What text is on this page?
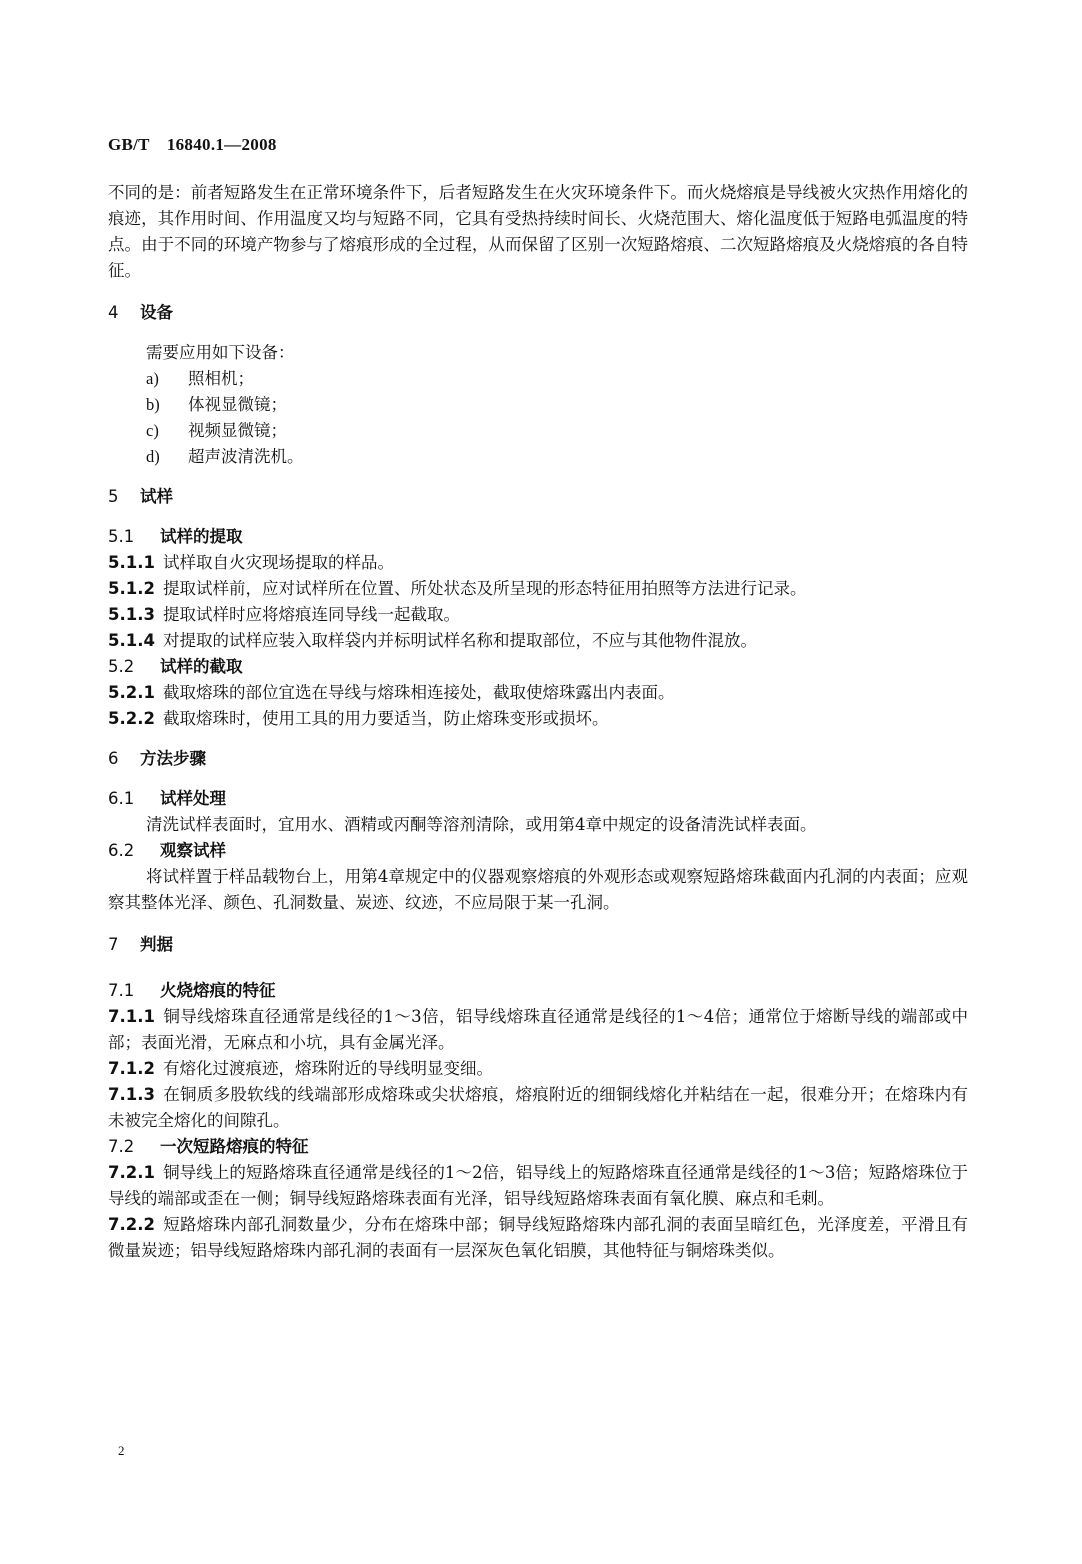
GB/T　16840.1—2008

不同的是：前者短路发生在正常环境条件下，后者短路发生在火灾环境条件下。而火烧熔痕是导线被火灾热作用熔化的痕迹，其作用时间、作用温度又均与短路不同，它具有受热持续时间长、火烧范围大、熔化温度低于短路电弧温度的特点。由于不同的环境产物参与了熔痕形成的全过程，从而保留了区别一次短路熔痕、二次短路熔痕及火烧熔痕的各自特征。

4 设备

需要应用如下设备：

a) 照相机；
b) 体视显微镜；
c) 视频显微镜；
d) 超声波清洗机。
5 试样
5.1 试样的提取

5.1.1 试样取自火灾现场提取的样品。

5.1.2 提取试样前，应对试样所在位置、所处状态及所呈现的形态特征用拍照等方法进行记录。

5.1.3 提取试样时应将熔痕连同导线一起截取。

5.1.4 对提取的试样应装入取样袋内并标明试样名称和提取部位，不应与其他物件混放。

5.2 试样的截取

5.2.1 截取熔珠的部位宜选在导线与熔珠相连接处，截取使熔珠露出内表面。

5.2.2 截取熔珠时，使用工具的用力要适当，防止熔珠变形或损坏。

6 方法步骤
6.1 试样处理

清洗试样表面时，宜用水、酒精或丙酮等溶剂清除，或用第4章中规定的设备清洗试样表面。

6.2 观察试样

将试样置于样品载物台上，用第4章规定中的仪器观察熔痕的外观形态或观察短路熔珠截面内孔洞的内表面；应观察其整体光泽、颜色、孔洞数量、炭迹、纹迹，不应局限于某一孔洞。

7 判据
7.1 火烧熔痕的特征

7.1.1 铜导线熔珠直径通常是线径的1～3倍，铝导线熔珠直径通常是线径的1～4倍；通常位于熔断导线的端部或中部；表面光滑，无麻点和小坑，具有金属光泽。

7.1.2 有熔化过渡痕迹，熔珠附近的导线明显变细。

7.1.3 在铜质多股软线的线端部形成熔珠或尖状熔痕，熔痕附近的细铜线熔化并粘结在一起，很难分开；在熔珠内有未被完全熔化的间隙孔。

7.2 一次短路熔痕的特征

7.2.1 铜导线上的短路熔珠直径通常是线径的1～2倍，铝导线上的短路熔珠直径通常是线径的1～3倍；短路熔珠位于导线的端部或歪在一侧；铜导线短路熔珠表面有光泽，铝导线短路熔珠表面有氧化膜、麻点和毛刺。

7.2.2 短路熔珠内部孔洞数量少，分布在熔珠中部；铜导线短路熔珠内部孔洞的表面呈暗红色，光泽度差，平滑且有微量炭迹；铝导线短路熔珠内部孔洞的表面有一层深灰色氧化铝膜，其他特征与铜熔珠类似。

2
